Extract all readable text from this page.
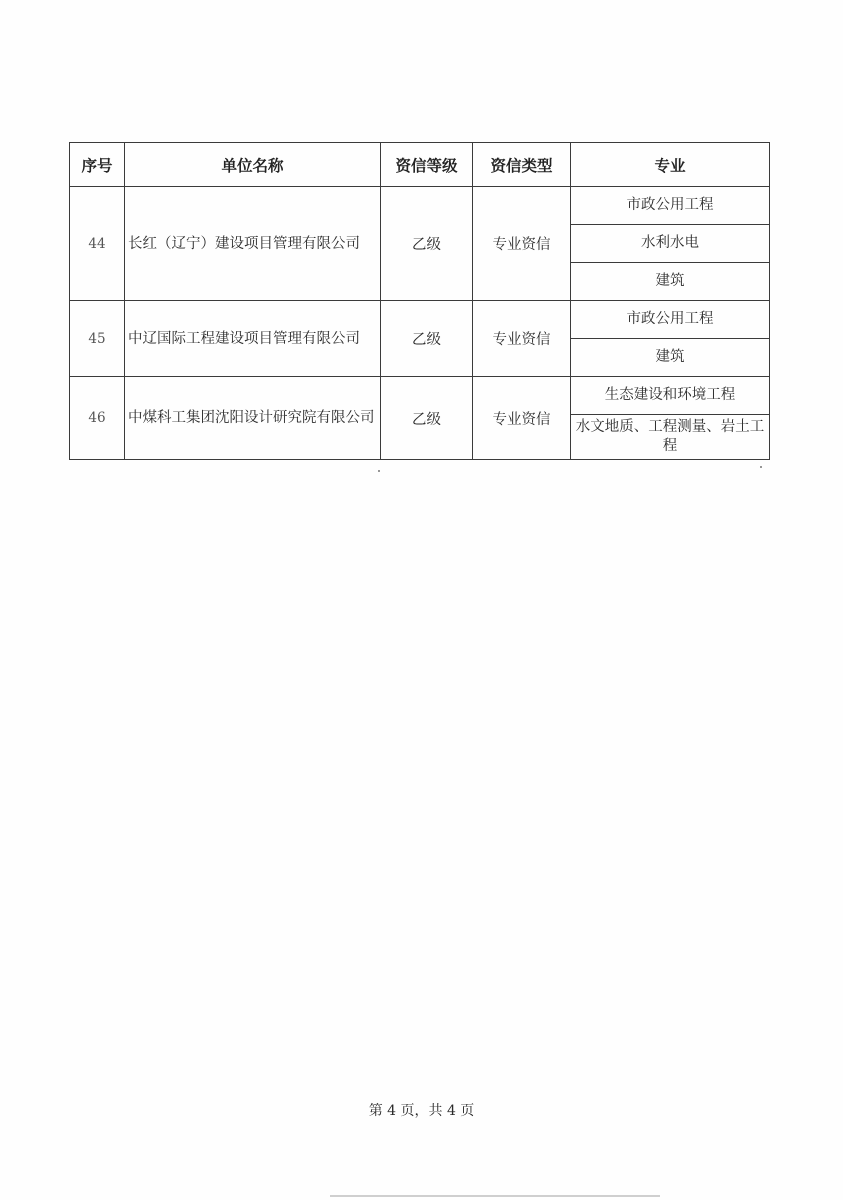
序号	单位名称	资信等级	资信类型	专业
44	长红（辽宁）建设项目管理有限公司	乙级	专业资信	市政公用工程
				水利水电
				建筑
45	中辽国际工程建设项目管理有限公司	乙级	专业资信	市政公用工程
				建筑
46	中煤科工集团沈阳设计研究院有限公司	乙级	专业资信	生态建设和环境工程
				水文地质、工程测量、岩土工程
第 4 页，共 4 页
